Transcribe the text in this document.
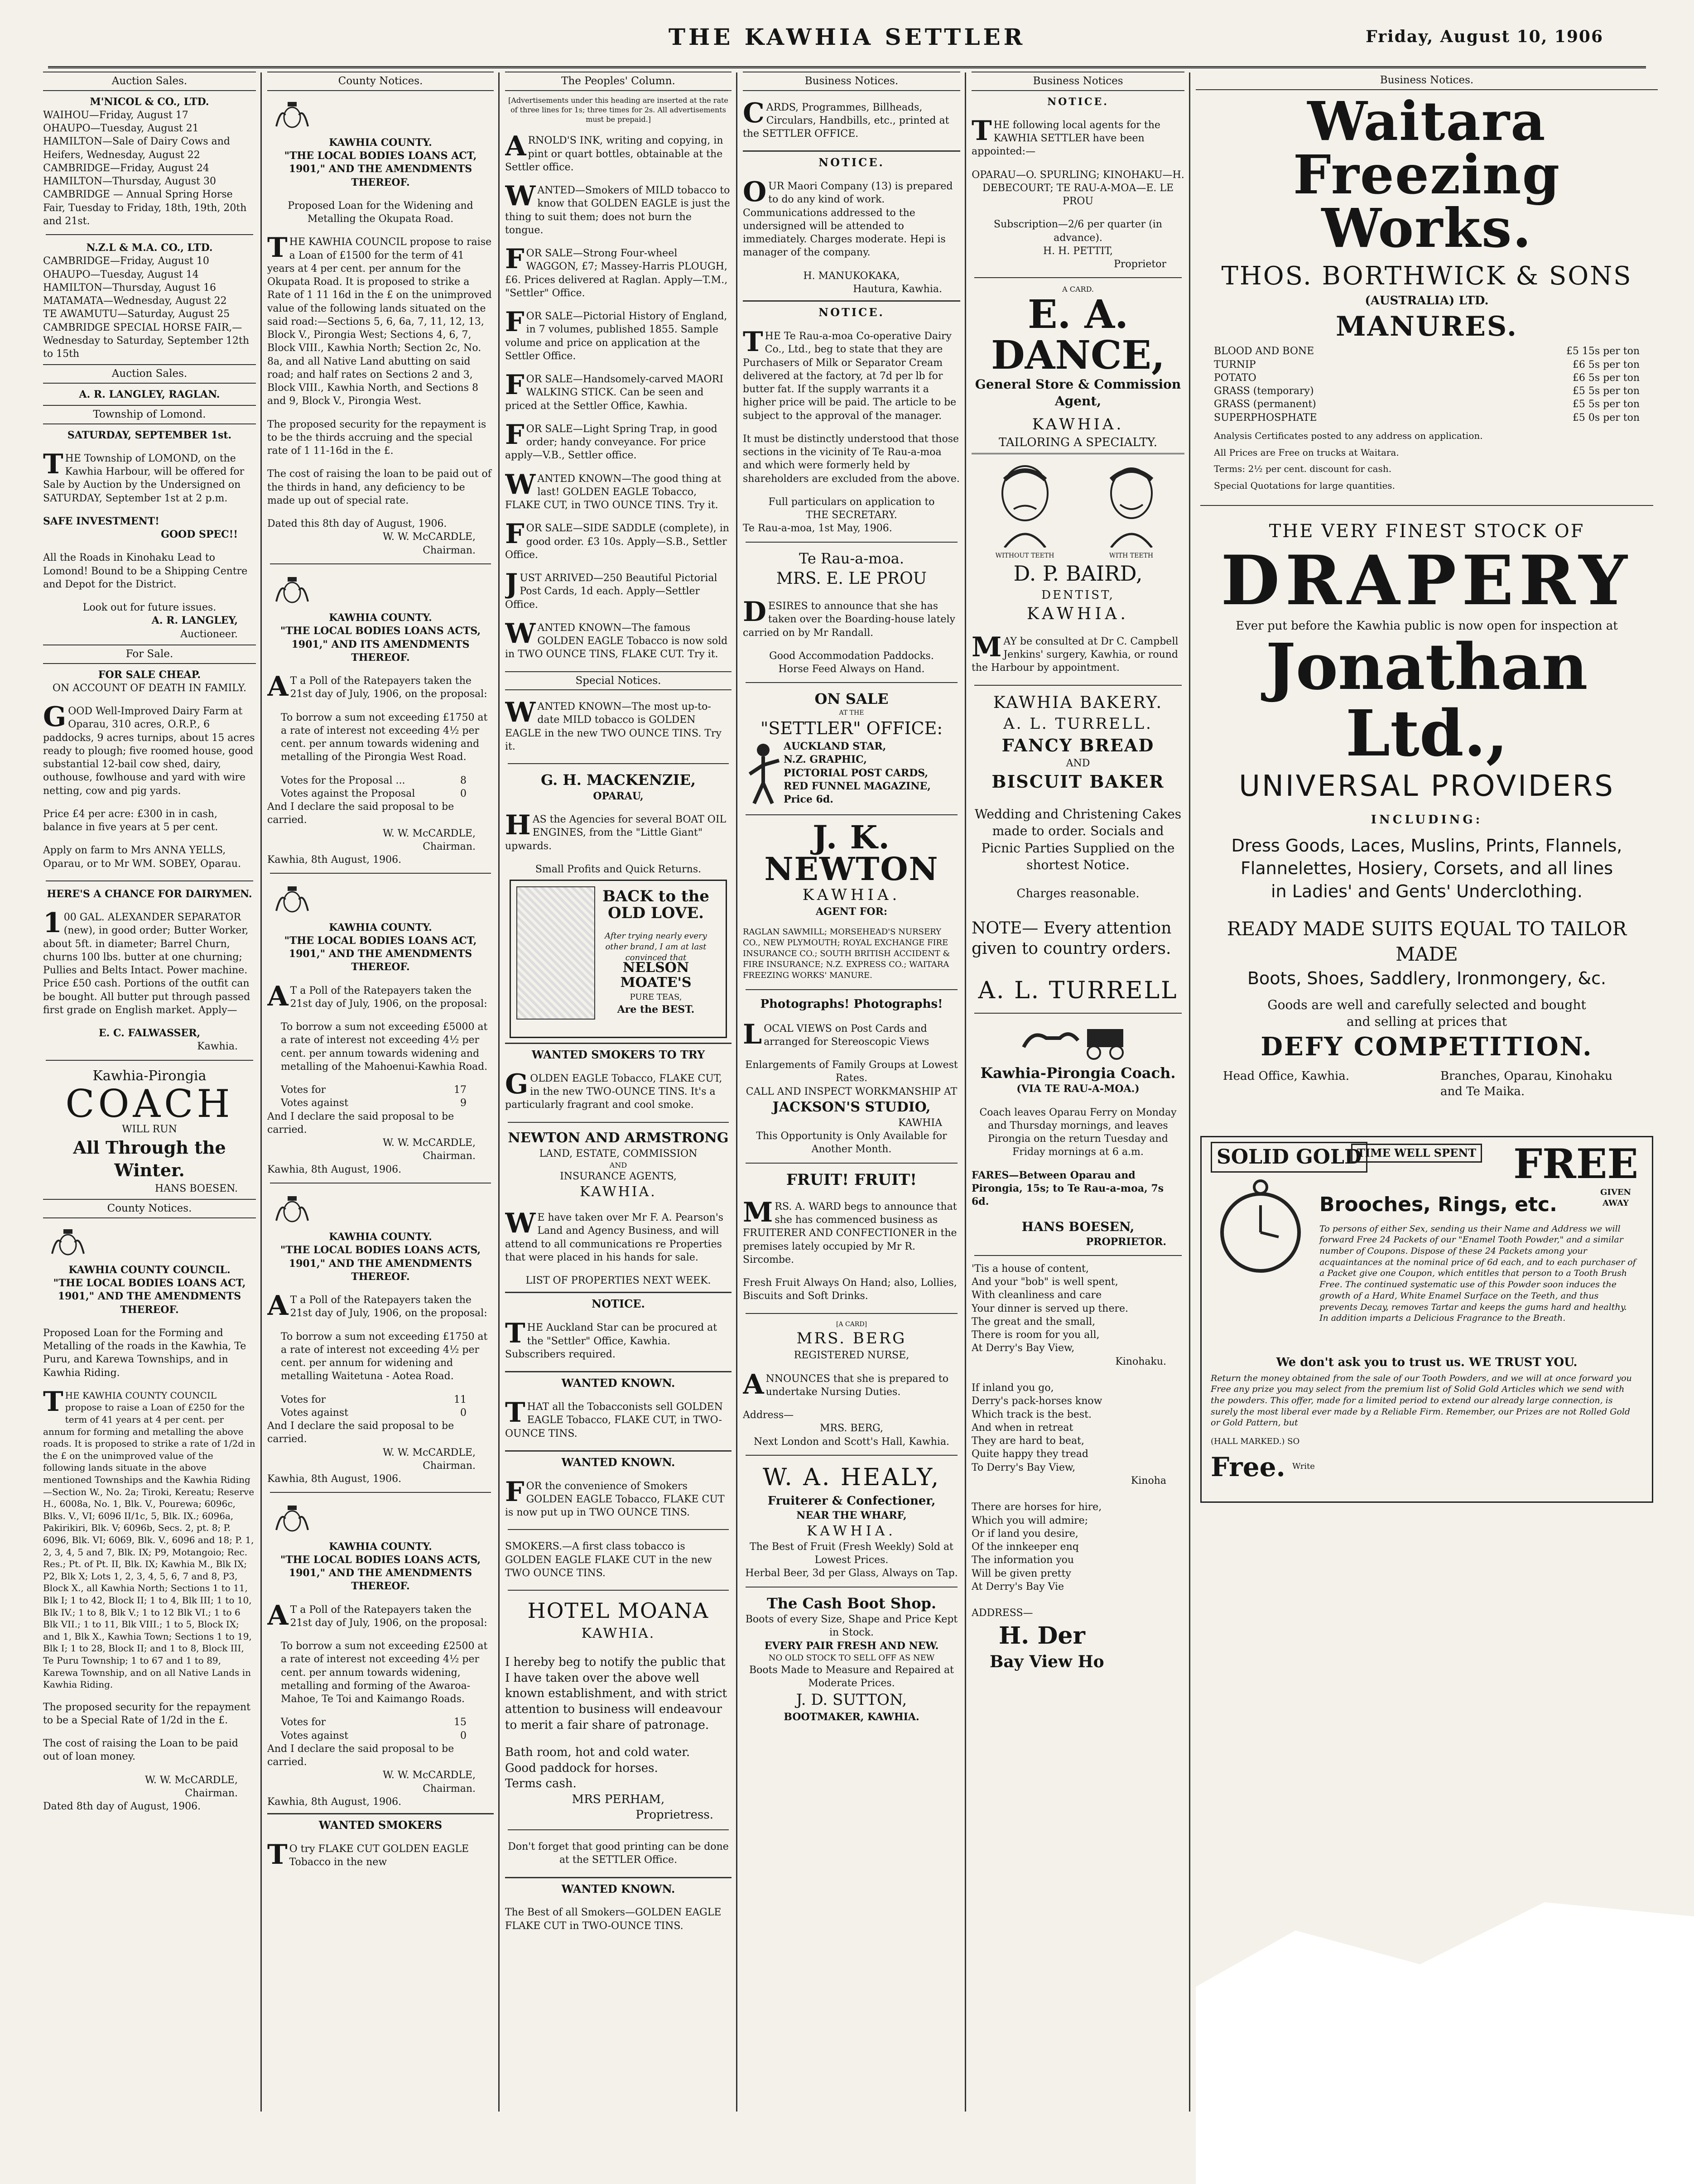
THE KAWHIA SETTLER	Friday, August 10, 1906
Auction Sales.
M'NICOL & CO., LTD.
WAIHOU—Friday, August 17
OHAUPO—Tuesday, August 21
HAMILTON—Sale of Dairy Cows and Heifers, Wednesday, August 22
CAMBRIDGE—Friday, August 24
HAMILTON—Thursday, August 30
CAMBRIDGE — Annual Spring Horse Fair, Tuesday to Friday, 18th, 19th, 20th and 21st.
N.Z.L & M.A. CO., LTD.
CAMBRIDGE—Friday, August 10
OHAUPO—Tuesday, August 14
HAMILTON—Thursday, August 16
MATAMATA—Wednesday, August 22
TE AWAMUTU—Saturday, August 25
CAMBRIDGE SPECIAL HORSE FAIR,—Wednesday to Saturday, September 12th to 15th
Auction Sales.
A. R. LANGLEY, RAGLAN.
Township of Lomond.
SATURDAY, SEPTEMBER 1st.

THE Township of LOMOND, on the Kawhia Harbour, will be offered for Sale by Auction by the Undersigned on SATURDAY, September 1st at 2 p.m.

SAFE INVESTMENT!
GOOD SPEC!!

All the Roads in Kinohaku Lead to Lomond! Bound to be a Shipping Centre and Depot for the District.

Look out for future issues.
A. R. LANGLEY,
Auctioneer.
For Sale.
FOR SALE CHEAP.
ON ACCOUNT OF DEATH IN FAMILY.

GOOD Well-Improved Dairy Farm at Oparau, 310 acres, O.R.P., 6 paddocks, 9 acres turnips, about 15 acres ready to plough; five roomed house, good substantial 12-bail cow shed, dairy, outhouse, fowlhouse and yard with wire netting, cow and pig yards.

Price £4 per acre: £300 in in cash, balance in five years at 5 per cent.

Apply on farm to Mrs ANNA YELLS, Oparau, or to Mr WM. SOBEY, Oparau.

HERE'S A CHANCE FOR DAIRYMEN.

100 GAL. ALEXANDER SEPARATOR (new), in good order; Butter Worker, about 5ft. in diameter; Barrel Churn, churns 100 lbs. butter at one churning; Pullies and Belts Intact. Power machine. Price £50 cash. Portions of the outfit can be bought. All butter put through passed first grade on English market. Apply—

E. C. FALWASSER,
Kawhia.
Kawhia-Pirongia
COACH
WILL RUN
All Through the Winter.
HANS BOESEN.
County Notices.
KAWHIA COUNTY COUNCIL.
"THE LOCAL BODIES LOANS ACT, 1901," AND THE AMENDMENTS THEREOF.

Proposed Loan for the Forming and Metalling of the roads in the Kawhia, Te Puru, and Karewa Townships, and in Kawhia Riding.

THE KAWHIA COUNTY COUNCIL propose to raise a Loan of £250 for the term of 41 years at 4 per cent. per annum for forming and metalling the above roads. It is proposed to strike a rate of 1/2d in the £ on the unimproved value of the following lands situate in the above mentioned Townships and the Kawhia Riding—Section W., No. 2a; Tiroki, Kereatu; Reserve H., 6008a, No. 1, Blk. V., Pourewa; 6096c, Blks. V., VI; 6096 II/1c, 5, Blk. IX.; 6096a, Pakirikiri, Blk. V; 6096b, Secs. 2, pt. 8; P. 6096, Blk. VI; 6069, Blk. V., 6096 and 18; P. 1, 2, 3, 4, 5 and 7, Blk. IX; P9, Motangoio; Rec. Res.; Pt. of Pt. II, Blk. IX; Kawhia M., Blk IX; P2, Blk X; Lots 1, 2, 3, 4, 5, 6, 7 and 8, P3, Block X., all Kawhia North; Sections 1 to 11, Blk I; 1 to 42, Block II; 1 to 4, Blk III; 1 to 10, Blk IV.; 1 to 8, Blk V.; 1 to 12 Blk VI.; 1 to 6 Blk VII.; 1 to 11, Blk VIII.; 1 to 5, Block IX; and 1, Blk X., Kawhia Town; Sections 1 to 19, Blk I; 1 to 28, Block II; and 1 to 8, Block III, Te Puru Township; 1 to 67 and 1 to 89, Karewa Township, and on all Native Lands in Kawhia Riding.

The proposed security for the repayment to be a Special Rate of 1/2d in the £.

The cost of raising the Loan to be paid out of loan money.

W. W. McCARDLE,
Chairman.
Dated 8th day of August, 1906.
County Notices.
KAWHIA COUNTY.
"THE LOCAL BODIES LOANS ACT, 1901," AND THE AMENDMENTS THEREOF.

Proposed Loan for the Widening and Metalling the Okupata Road.

THE KAWHIA COUNCIL propose to raise a Loan of £1500 for the term of 41 years at 4 per cent. per annum for the Okupata Road. It is proposed to strike a Rate of 1 11 16d in the £ on the unimproved value of the following lands situated on the said road:—Sections 5, 6, 6a, 7, 11, 12, 13, Block V., Pirongia West; Sections 4, 6, 7, Block VIII., Kawhia North; Section 2c, No. 8a, and all Native Land abutting on said road; and half rates on Sections 2 and 3, Block VIII., Kawhia North, and Sections 8 and 9, Block V., Pirongia West.

The proposed security for the repayment is to be the thirds accruing and the special rate of 1 11-16d in the £.

The cost of raising the loan to be paid out of the thirds in hand, any deficiency to be made up out of special rate.

Dated this 8th day of August, 1906.
W. W. McCARDLE,
Chairman.
KAWHIA COUNTY.
"THE LOCAL BODIES LOANS ACTS, 1901," AND ITS AMENDMENTS THEREOF.

AT a Poll of the Ratepayers taken the 21st day of July, 1906, on the proposal:

To borrow a sum not exceeding £1750 at a rate of interest not exceeding 4½ per cent. per annum towards widening and metalling of the Pirongia West Road.

Votes for the Proposal ...	8
Votes against the Proposal	0
And I declare the said proposal to be carried.
W. W. McCARDLE,
Chairman.
Kawhia, 8th August, 1906.
KAWHIA COUNTY.
"THE LOCAL BODIES LOANS ACT, 1901," AND THE AMENDMENTS THEREOF.

AT a Poll of the Ratepayers taken the 21st day of July, 1906, on the proposal:

To borrow a sum not exceeding £5000 at a rate of interest not exceeding 4½ per cent. per annum towards widening and metalling of the Mahoenui-Kawhia Road.

Votes for	17
Votes against	9
And I declare the said proposal to be carried.
W. W. McCARDLE,
Chairman.
Kawhia, 8th August, 1906.
KAWHIA COUNTY.
"THE LOCAL BODIES LOANS ACTS, 1901," AND THE AMENDMENTS THEREOF.

AT a Poll of the Ratepayers taken the 21st day of July, 1906, on the proposal:

To borrow a sum not exceeding £1750 at a rate of interest not exceeding 4½ per cent. per annum for widening and metalling Waitetuna - Aotea Road.

Votes for	11
Votes against	0
And I declare the said proposal to be carried.
W. W. McCARDLE,
Chairman.
Kawhia, 8th August, 1906.
KAWHIA COUNTY.
"THE LOCAL BODIES LOANS ACTS, 1901," AND THE AMENDMENTS THEREOF.

AT a Poll of the Ratepayers taken the 21st day of July, 1906, on the proposal:

To borrow a sum not exceeding £2500 at a rate of interest not exceeding 4½ per cent. per annum towards widening, metalling and forming of the Awaroa-Mahoe, Te Toi and Kaimango Roads.

Votes for	15
Votes against	0
And I declare the said proposal to be carried.
W. W. McCARDLE,
Chairman.
Kawhia, 8th August, 1906.
WANTED SMOKERS

TO try FLAKE CUT GOLDEN EAGLE Tobacco in the new

The Peoples' Column.
[Advertisements under this heading are inserted at the rate of three lines for 1s; three times for 2s. All advertisements must be prepaid.]

ARNOLD'S INK, writing and copying, in pint or quart bottles, obtainable at the Settler office.

WANTED—Smokers of MILD tobacco to know that GOLDEN EAGLE is just the thing to suit them; does not burn the tongue.

FOR SALE—Strong Four-wheel WAGGON, £7; Massey-Harris PLOUGH, £6. Prices delivered at Raglan. Apply—T.M., "Settler" Office.

FOR SALE—Pictorial History of England, in 7 volumes, published 1855. Sample volume and price on application at the Settler Office.

FOR SALE—Handsomely-carved MAORI WALKING STICK. Can be seen and priced at the Settler Office, Kawhia.

FOR SALE—Light Spring Trap, in good order; handy conveyance. For price apply—V.B., Settler office.

WANTED KNOWN—The good thing at last! GOLDEN EAGLE Tobacco, FLAKE CUT, in TWO OUNCE TINS. Try it.

FOR SALE—SIDE SADDLE (complete), in good order. £3 10s. Apply—S.B., Settler Office.

JUST ARRIVED—250 Beautiful Pictorial Post Cards, 1d each. Apply—Settler Office.

WANTED KNOWN—The famous GOLDEN EAGLE Tobacco is now sold in TWO OUNCE TINS, FLAKE CUT. Try it.

Special Notices.

WANTED KNOWN—The most up-to-date MILD tobacco is GOLDEN EAGLE in the new TWO OUNCE TINS. Try it.

G. H. MACKENZIE,
OPARAU,

HAS the Agencies for several BOAT OIL ENGINES, from the "Little Giant" upwards.

Small Profits and Quick Returns.
BACK to the OLD LOVE.
After trying nearly every other brand, I am at last convinced that
NELSON MOATE'S
PURE TEAS,
Are the BEST.
WANTED SMOKERS TO TRY

GOLDEN EAGLE Tobacco, FLAKE CUT, in the new TWO-OUNCE TINS. It's a particularly fragrant and cool smoke.

NEWTON AND ARMSTRONG
LAND, ESTATE, COMMISSION
AND
INSURANCE AGENTS,
KAWHIA.

WE have taken over Mr F. A. Pearson's Land and Agency Business, and will attend to all communications re Properties that were placed in his hands for sale.

LIST OF PROPERTIES NEXT WEEK.
NOTICE.

THE Auckland Star can be procured at the "Settler" Office, Kawhia. Subscribers required.

WANTED KNOWN.

THAT all the Tobacconists sell GOLDEN EAGLE Tobacco, FLAKE CUT, in TWO-OUNCE TINS.

WANTED KNOWN.

FOR the convenience of Smokers GOLDEN EAGLE Tobacco, FLAKE CUT is now put up in TWO OUNCE TINS.

SMOKERS.—A first class tobacco is GOLDEN EAGLE FLAKE CUT in the new TWO OUNCE TINS.

HOTEL MOANA
KAWHIA.

I hereby beg to notify the public that I have taken over the above well known establishment, and with strict attention to business will endeavour to merit a fair share of patronage.

Bath room, hot and cold water.
Good paddock for horses.
Terms cash.
MRS PERHAM,
Proprietress.

Don't forget that good printing can be done at the SETTLER Office.

WANTED KNOWN.

The Best of all Smokers—GOLDEN EAGLE FLAKE CUT in TWO-OUNCE TINS.

Business Notices.

CARDS, Programmes, Billheads, Circulars, Handbills, etc., printed at the SETTLER OFFICE.

NOTICE.

OUR Maori Company (13) is prepared to do any kind of work. Communications addressed to the undersigned will be attended to immediately. Charges moderate. Hepi is manager of the company.

H. MANUKOKAKA,
Hautura, Kawhia.
NOTICE.

THE Te Rau-a-moa Co-operative Dairy Co., Ltd., beg to state that they are Purchasers of Milk or Separator Cream delivered at the factory, at 7d per lb for butter fat. If the supply warrants it a higher price will be paid. The article to be subject to the approval of the manager.

It must be distinctly understood that those sections in the vicinity of Te Rau-a-moa and which were formerly held by shareholders are excluded from the above.

Full particulars on application to
THE SECRETARY.
Te Rau-a-moa, 1st May, 1906.
Te Rau-a-moa.
MRS. E. LE PROU

DESIRES to announce that she has taken over the Boarding-house lately carried on by Mr Randall.

Good Accommodation Paddocks.
Horse Feed Always on Hand.
ON SALE
AT THE
"SETTLER" OFFICE:
AUCKLAND STAR,
N.Z. GRAPHIC,
PICTORIAL POST CARDS,
RED FUNNEL MAGAZINE, Price 6d.
J. K. NEWTON
KAWHIA.
AGENT FOR:

RAGLAN SAWMILL; MORSEHEAD'S NURSERY CO., NEW PLYMOUTH; ROYAL EXCHANGE FIRE INSURANCE CO.; SOUTH BRITISH ACCIDENT & FIRE INSURANCE; N.Z. EXPRESS CO.; WAITARA FREEZING WORKS' MANURE.

Photographs! Photographs!

LOCAL VIEWS on Post Cards and arranged for Stereoscopic Views

Enlargements of Family Groups at Lowest Rates.
CALL AND INSPECT WORKMANSHIP AT
JACKSON'S STUDIO,
KAWHIA
This Opportunity is Only Available for Another Month.
FRUIT! FRUIT!

MRS. A. WARD begs to announce that she has commenced business as FRUITERER AND CONFECTIONER in the premises lately occupied by Mr R. Sircombe.

Fresh Fruit Always On Hand; also, Lollies, Biscuits and Soft Drinks.

[A CARD]
MRS. BERG
REGISTERED NURSE,

ANNOUNCES that she is prepared to undertake Nursing Duties.

Address—
MRS. BERG,
Next London and Scott's Hall, Kawhia.
W. A. HEALY,
Fruiterer & Confectioner,
NEAR THE WHARF,
KAWHIA.
The Best of Fruit (Fresh Weekly) Sold at Lowest Prices.
Herbal Beer, 3d per Glass, Always on Tap.
The Cash Boot Shop.
Boots of every Size, Shape and Price Kept in Stock.
EVERY PAIR FRESH AND NEW.
NO OLD STOCK TO SELL OFF AS NEW
Boots Made to Measure and Repaired at Moderate Prices.
J. D. SUTTON,
BOOTMAKER, KAWHIA.
Business Notices
NOTICE.

THE following local agents for the KAWHIA SETTLER have been appointed:—

OPARAU—O. SPURLING; KINOHAKU—H. DEBECOURT; TE RAU-A-MOA—E. LE PROU

Subscription—2/6 per quarter (in advance).
H. H. PETTIT,
Proprietor
A CARD.
E. A. DANCE,
General Store & Commission Agent,
KAWHIA.
TAILORING A SPECIALTY.
WITHOUT TEETH	WITH TEETH
D. P. BAIRD,
DENTIST,
KAWHIA.

MAY be consulted at Dr C. Campbell Jenkins' surgery, Kawhia, or round the Harbour by appointment.

KAWHIA BAKERY.
A. L. TURRELL.
FANCY BREAD
AND
BISCUIT BAKER

Wedding and Christening Cakes made to order. Socials and Picnic Parties Supplied on the shortest Notice.

Charges reasonable.

NOTE— Every attention given to country orders.

A. L. TURRELL
Kawhia-Pirongia Coach.
(VIA TE RAU-A-MOA.)

Coach leaves Oparau Ferry on Monday and Thursday mornings, and leaves Pirongia on the return Tuesday and Friday mornings at 6 a.m.

FARES—Between Oparau and Pirongia, 15s; to Te Rau-a-moa, 7s 6d.

HANS BOESEN,
PROPRIETOR.
'Tis a house of content,
And your "bob" is well spent,
With cleanliness and care
Your dinner is served up there.
The great and the small,
There is room for you all,
At Derry's Bay View,
Kinohaku.

If inland you go,
Derry's pack-horses know
Which track is the best.
And when in retreat
They are hard to beat,
Quite happy they tread
To Derry's Bay View,
Kinoha

There are horses for hire,
Which you will admire;
Or if land you desire,
Of the innkeeper enq
The information you
Will be given pretty
At Derry's Bay Vie

ADDRESS—
H. Der
Bay View Ho
Business Notices.
Waitara Freezing
Works.
THOS. BORTHWICK & SONS
(AUSTRALIA) LTD.
MANURES.
BLOOD AND BONE	£5 15s per ton
TURNIP	£6 5s per ton
POTATO	£6 5s per ton
GRASS (temporary)	£5 5s per ton
GRASS (permanent)	£5 5s per ton
SUPERPHOSPHATE	£5 0s per ton
Analysis Certificates posted to any address on application.
All Prices are Free on trucks at Waitara.
Terms: 2½ per cent. discount for cash.
Special Quotations for large quantities.
THE VERY FINEST STOCK OF
DRAPERY
Ever put before the Kawhia public is now open for inspection at
Jonathan Ltd.,
UNIVERSAL PROVIDERS
INCLUDING:
Dress Goods, Laces, Muslins, Prints, Flannels,
Flannelettes, Hosiery, Corsets, and all lines
in Ladies' and Gents' Underclothing.
READY MADE SUITS EQUAL TO TAILOR MADE
Boots, Shoes, Saddlery, Ironmongery, &c.
Goods are well and carefully selected and bought
and selling at prices that
DEFY COMPETITION.
Head Office, Kawhia.	Branches, Oparau, Kinohaku and Te Maika.
SOLID GOLD
TIME WELL SPENT FREE
Brooches, Rings, etc.
GIVEN AWAY
To persons of either Sex, sending us their Name and Address we will forward Free 24 Packets of our "Enamel Tooth Powder," and a similar number of Coupons. Dispose of these 24 Packets among your acquaintances at the nominal price of 6d each, and to each purchaser of a Packet give one Coupon, which entitles that person to a Tooth Brush Free. The continued systematic use of this Powder soon induces the growth of a Hard, White Enamel Surface on the Teeth, and thus prevents Decay, removes Tartar and keeps the gums hard and healthy. In addition imparts a Delicious Fragrance to the Breath.
We don't ask you to trust us. WE TRUST YOU.
Return the money obtained from the sale of our Tooth Powders, and we will at once forward you Free any prize you may select from the premium list of Solid Gold Articles which we send with the powders. This offer, made for a limited period to extend our already large connection, is surely the most liberal ever made by a Reliable Firm. Remember, our Prizes are not Rolled Gold or Gold Pattern, but
(HALL MARKED.) SO
Free. Write
